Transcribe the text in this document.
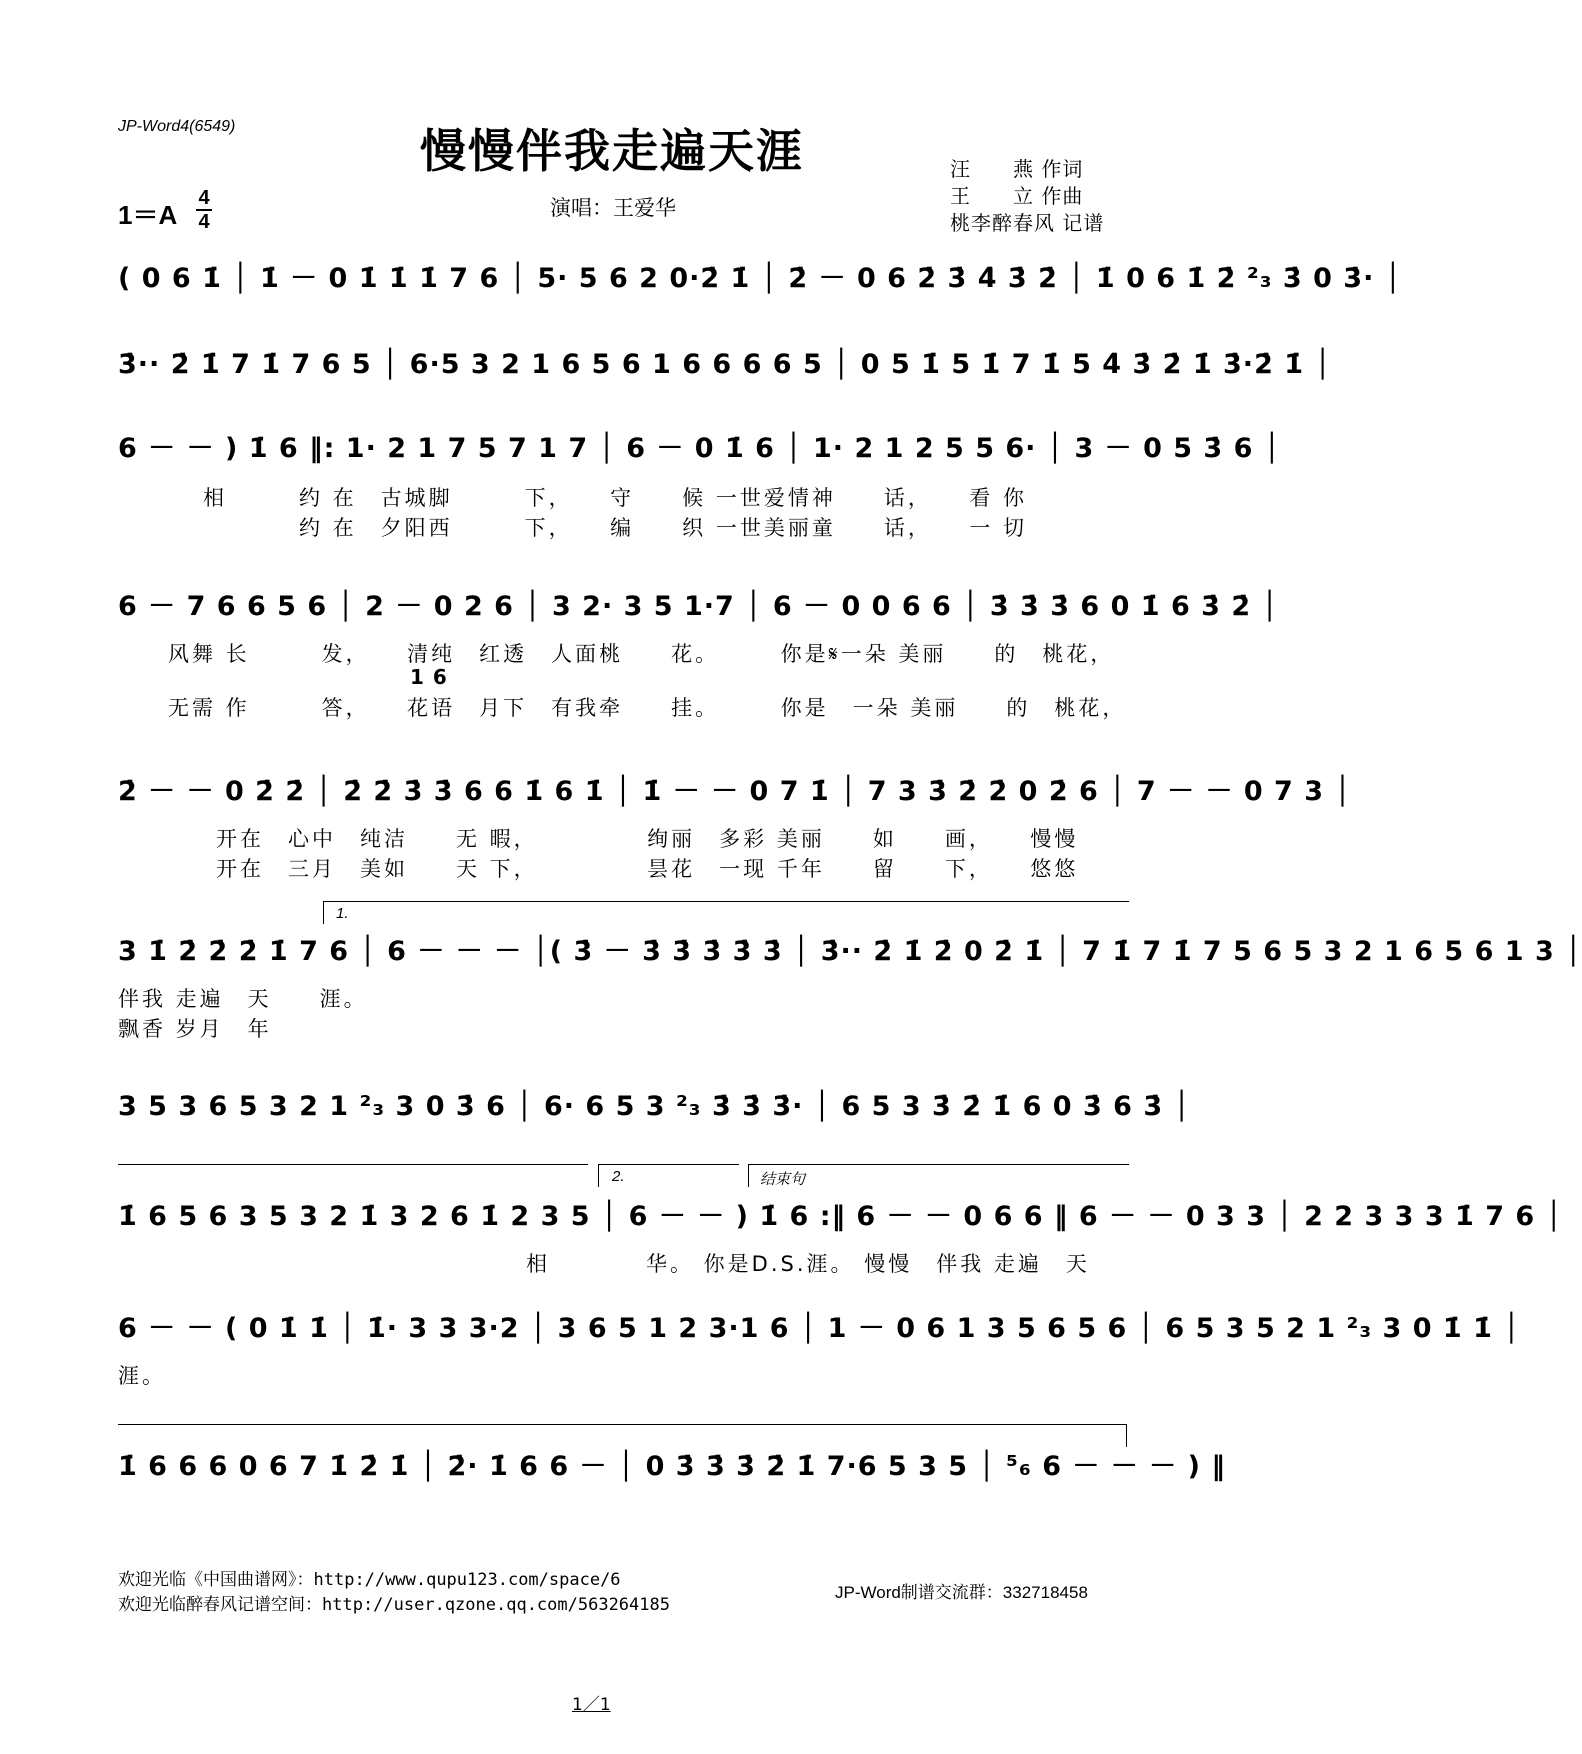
JP-Word4(6549)	慢慢伴我走遍天涯
1＝A
4
4
演唱：王爱华
汪　　燕 作词
王　　立 作曲
桃李醉春风 记谱
( 0 6 1̇ │ 1̇ － 0 1̇ 1̇ 1̇ 7 6 │ 5· 5 6 2 0·2̇ 1̇ │ 2̇ － 0 6 2̇ 3̇ 4̇ 3̇ 2̇ │ 1̇ 0 6 1̇ 2̇ ²₃ 3̇ 0 3̇· │
3̇·· 2̇ 1̇ 7 1̇ 7 6 5 │ 6·5 3 2 1 6 5 6 1 6 6 6 6 5 │ 0 5 1̇ 5 1̇ 7 1̇ 5 4̇ 3̇ 2̇ 1̇ 3̇·2̇ 1̇ │
6 － － ) 1̇ 6 ‖: 1· 2 1 7 5 7 1 7 │ 6 － 0 1̇ 6 │ 1· 2 1 2 5 5 6· │ 3 － 0 5 3̇ 6 │
相　　　约 在　古城脚　　　下，　　守　　候 一世爱情神　　话，　　看 你
　　　　约 在　夕阳西　　　下，　　编　　织 一世美丽童　　话，　　一 切
6 － 7 6 6 5 6 │ 2 － 0 2 6 │ 3 2· 3 5 1·7 │ 6 － 0 0 6 6 │ 3̇ 3̇ 3̇ 6 0 1̇ 6 3̇ 2̇ │
风舞 长　　　发，　　清纯　红透　人面桃　　花。　　　你是𝄋一朵 美丽　　的　桃花，
1 6
无需 作　　　答，　　花语　月下　有我牵　　挂。　　　你是　一朵 美丽　　的　桃花，
2̇ － － 0 2̇ 2̇ │ 2̇ 2̇ 3̇ 3̇ 6 6 1̇ 6 1̇ │ 1̇ － － 0 7 1̇ │ 7 3 3̇ 2̇ 2̇ 0 2̇ 6 │ 7 － － 0 7 3 │
　　开在　心中　纯洁　　无 暇，　　　　　绚丽　多彩 美丽　　如　　画，　　慢慢
　　开在　三月　美如　　天 下，　　　　　昙花　一现 千年　　留　　下，　　悠悠
1.
3 1̇ 2̇ 2̇ 2̇ 1̇ 7 6 │ 6 － － － │( 3̇ － 3̇ 3̇ 3̇ 3̇ 3̇ │ 3̇·· 2̇ 1̇ 2̇ 0 2̇ 1̇ │ 7 1̇ 7 1̇ 7 5 6 5 3 2 1 6 5 6 1 3 │
伴我 走遍　天　　涯。
飘香 岁月　年
3 5 3 6 5 3 2 1 ²₃ 3 0 3̇ 6 │ 6· 6 5 3 ²₃ 3̇ 3̇ 3̇· │ 6 5 3 3̇ 2̇ 1̇ 6 0 3̇ 6 3̇ │
2.	结束句
1̇ 6 5 6 3 5 3 2 1̇ 3 2 6 1̇ 2 3 5 │ 6 － － ) 1̇ 6 :‖ 6 － － 0 6 6 ‖ 6 － － 0 3 3 │ 2 2 3 3 3 1̇ 7 6 │
　　　　　　　　　　　　　　　　　相　　　　华。 你是D.S.涯。 慢慢　伴我 走遍　天
6 － － ( 0 1̇ 1̇ │ 1̇· 3 3 3·2 │ 3 6 5 1 2 3·1 6 │ 1 － 0 6 1 3 5 6 5 6 │ 6 5 3 5 2 1 ²₃ 3 0 1̇ 1̇ │
涯。
1̇ 6 6 6 0 6 7 1̇ 2̇ 1̇ │ 2̇· 1̇ 6 6 － │ 0 3̇ 3̇ 3̇ 2̇ 1̇ 7·6 5 3 5 │ ⁵₆ 6 － － － ) ‖
欢迎光临《中国曲谱网》：http://www.qupu123.com/space/6
欢迎光临醉春风记谱空间：http://user.qzone.qq.com/563264185
JP-Word制谱交流群：332718458
1／1
